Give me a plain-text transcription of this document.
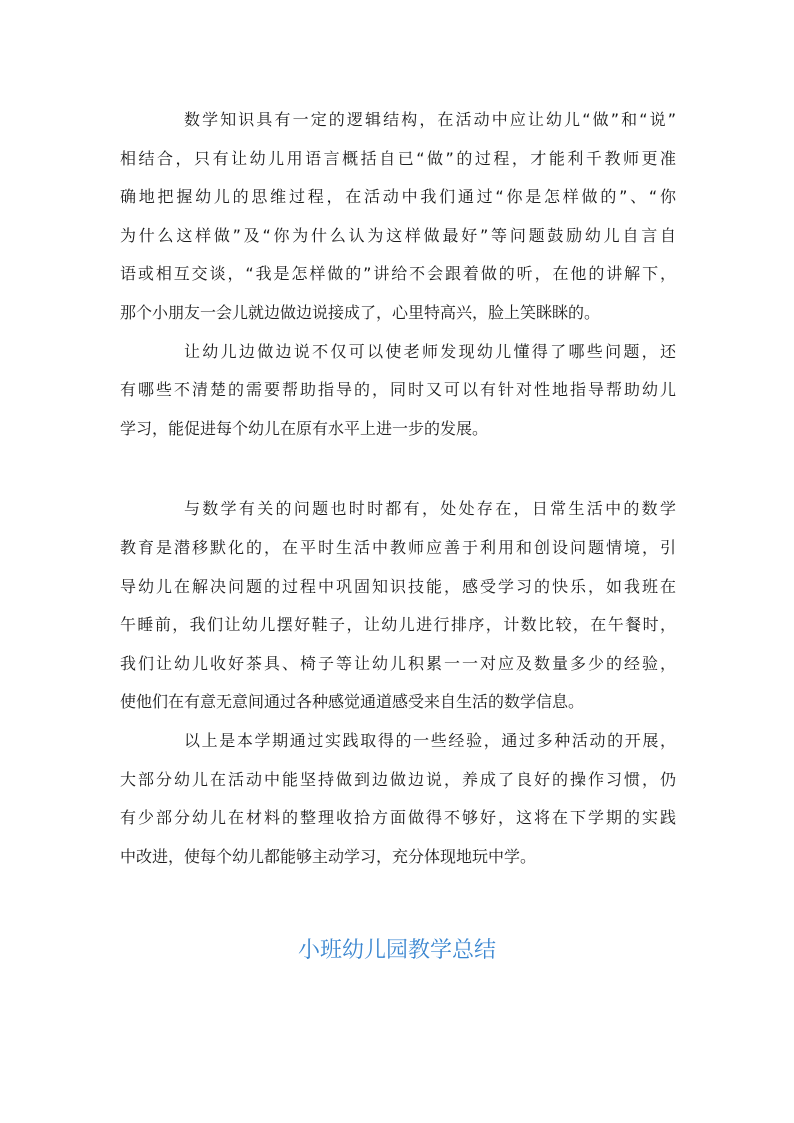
数学知识具有一定的逻辑结构，在活动中应让幼儿“做”和“说”
相结合，只有让幼儿用语言概括自已“做”的过程，才能利千教师更准
确地把握幼儿的思维过程，在活动中我们通过“你是怎样做的”、“你
为什么这样做”及“你为什么认为这样做最好”等问题鼓励幼儿自言自
语或相互交谈，“我是怎样做的”讲给不会跟着做的听，在他的讲解下，
那个小朋友一会儿就边做边说接成了，心里特高兴，脸上笑眯眯的。
让幼儿边做边说不仅可以使老师发现幼儿懂得了哪些问题，还
有哪些不清楚的需要帮助指导的，同时又可以有针对性地指导帮助幼儿
学习，能促进每个幼儿在原有水平上进一步的发展。
与数学有关的问题也时时都有，处处存在，日常生活中的数学
教育是潜移默化的，在平时生活中教师应善于利用和创设问题情境，引
导幼儿在解决问题的过程中巩固知识技能，感受学习的快乐，如我班在
午睡前，我们让幼儿摆好鞋子，让幼儿进行排序，计数比较，在午餐时，
我们让幼儿收好茶具、椅子等让幼儿积累一一对应及数量多少的经验，
使他们在有意无意间通过各种感觉通道感受来自生活的数学信息。
以上是本学期通过实践取得的一些经验，通过多种活动的开展，
大部分幼儿在活动中能坚持做到边做边说，养成了良好的操作习惯，仍
有少部分幼儿在材料的整理收拾方面做得不够好，这将在下学期的实践
中改进，使每个幼儿都能够主动学习，充分体现地玩中学。
小班幼儿园教学总结
